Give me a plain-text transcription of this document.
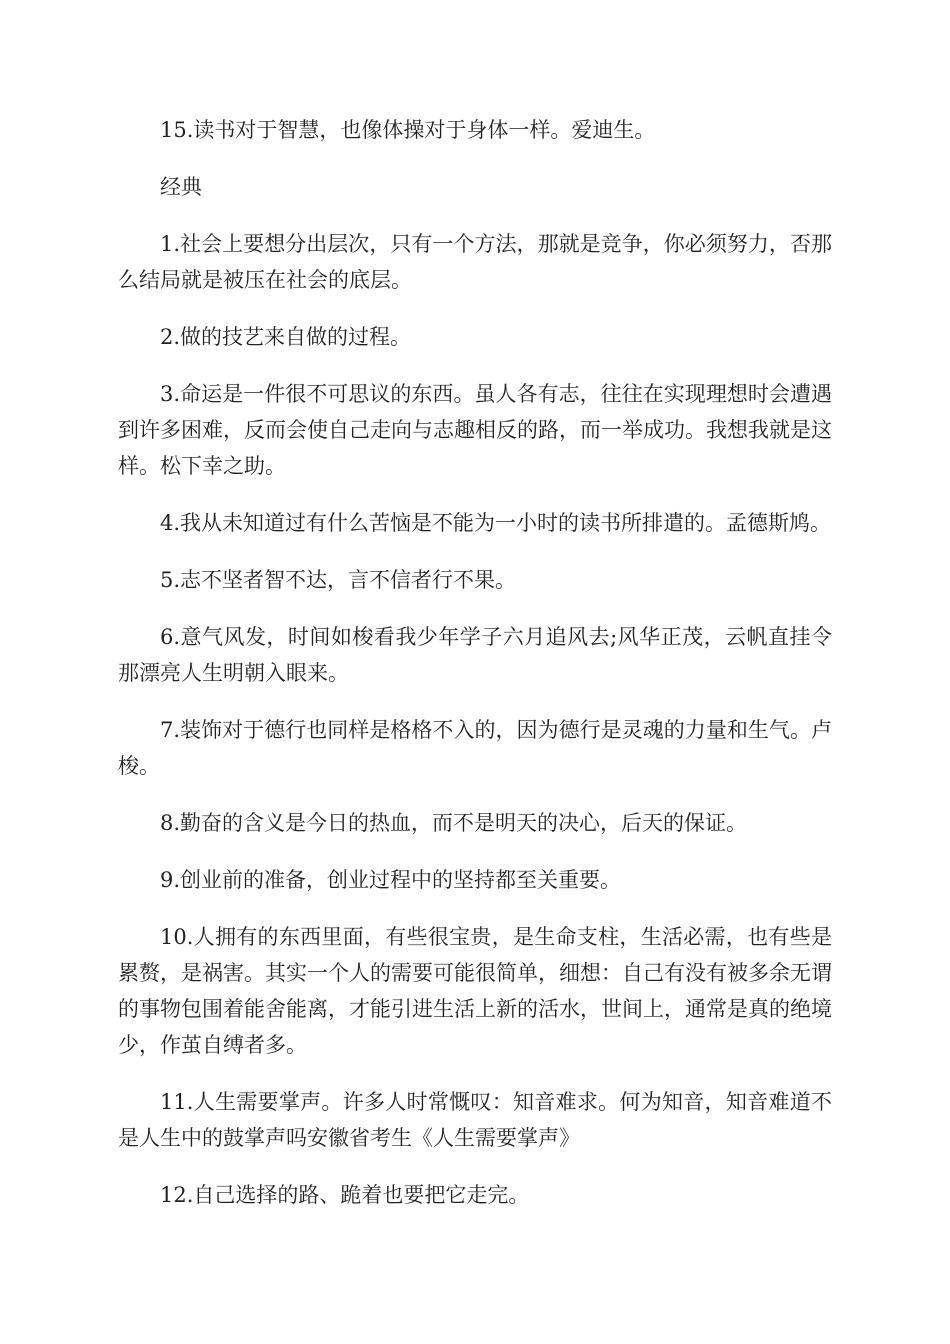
15.读书对于智慧，也像体操对于身体一样。爱迪生。

经典

1.社会上要想分出层次，只有一个方法，那就是竞争，你必须努力，否那么结局就是被压在社会的底层。

2.做的技艺来自做的过程。

3.命运是一件很不可思议的东西。虽人各有志，往往在实现理想时会遭遇到许多困难，反而会使自己走向与志趣相反的路，而一举成功。我想我就是这样。松下幸之助。

4.我从未知道过有什么苦恼是不能为一小时的读书所排遣的。孟德斯鸠。

5.志不坚者智不达，言不信者行不果。

6.意气风发，时间如梭看我少年学子六月追风去;风华正茂，云帆直挂令那漂亮人生明朝入眼来。

7.装饰对于德行也同样是格格不入的，因为德行是灵魂的力量和生气。卢梭。

8.勤奋的含义是今日的热血，而不是明天的决心，后天的保证。

9.创业前的准备，创业过程中的坚持都至关重要。

10.人拥有的东西里面，有些很宝贵，是生命支柱，生活必需，也有些是累赘，是祸害。其实一个人的需要可能很简单，细想：自己有没有被多余无谓的事物包围着能舍能离，才能引进生活上新的活水，世间上，通常是真的绝境少，作茧自缚者多。

11.人生需要掌声。许多人时常慨叹：知音难求。何为知音，知音难道不是人生中的鼓掌声吗安徽省考生《人生需要掌声》

12.自己选择的路、跪着也要把它走完。
